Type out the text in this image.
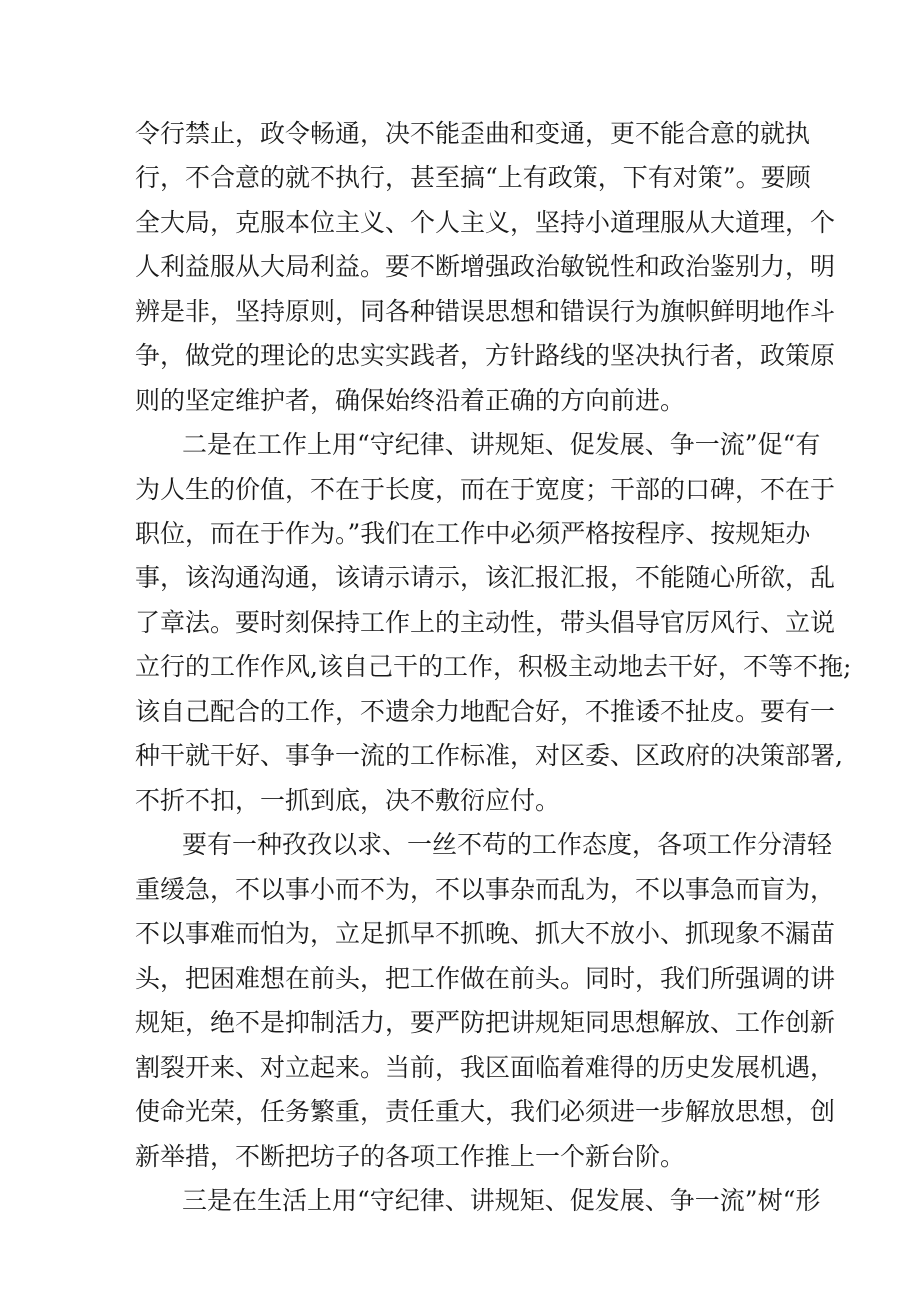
令行禁止，政令畅通，决不能歪曲和变通，更不能合意的就执
行，不合意的就不执行，甚至搞“上有政策，下有对策”。要顾
全大局，克服本位主义、个人主义，坚持小道理服从大道理，个
人利益服从大局利益。要不断增强政治敏锐性和政治鉴别力，明
辨是非，坚持原则，同各种错误思想和错误行为旗帜鲜明地作斗
争，做党的理论的忠实实践者，方针路线的坚决执行者，政策原
则的坚定维护者，确保始终沿着正确的方向前进。
二是在工作上用“守纪律、讲规矩、促发展、争一流”促“有
为人生的价值，不在于长度，而在于宽度；干部的口碑，不在于
职位，而在于作为。”我们在工作中必须严格按程序、按规矩办
事，该沟通沟通，该请示请示，该汇报汇报，不能随心所欲，乱
了章法。要时刻保持工作上的主动性，带头倡导官厉风行、立说
立行的工作作风,该自己干的工作，积极主动地去干好，不等不拖;
该自己配合的工作，不遗余力地配合好，不推诿不扯皮。要有一
种干就干好、事争一流的工作标准，对区委、区政府的决策部署,
不折不扣，一抓到底，决不敷衍应付。
要有一种孜孜以求、一丝不苟的工作态度，各项工作分清轻
重缓急，不以事小而不为，不以事杂而乱为，不以事急而盲为，
不以事难而怕为，立足抓早不抓晚、抓大不放小、抓现象不漏苗
头，把困难想在前头，把工作做在前头。同时，我们所强调的讲
规矩，绝不是抑制活力，要严防把讲规矩同思想解放、工作创新
割裂开来、对立起来。当前，我区面临着难得的历史发展机遇，
使命光荣，任务繁重，责任重大，我们必须进一步解放思想，创
新举措，不断把坊子的各项工作推上一个新台阶。
三是在生活上用“守纪律、讲规矩、促发展、争一流”树“形
